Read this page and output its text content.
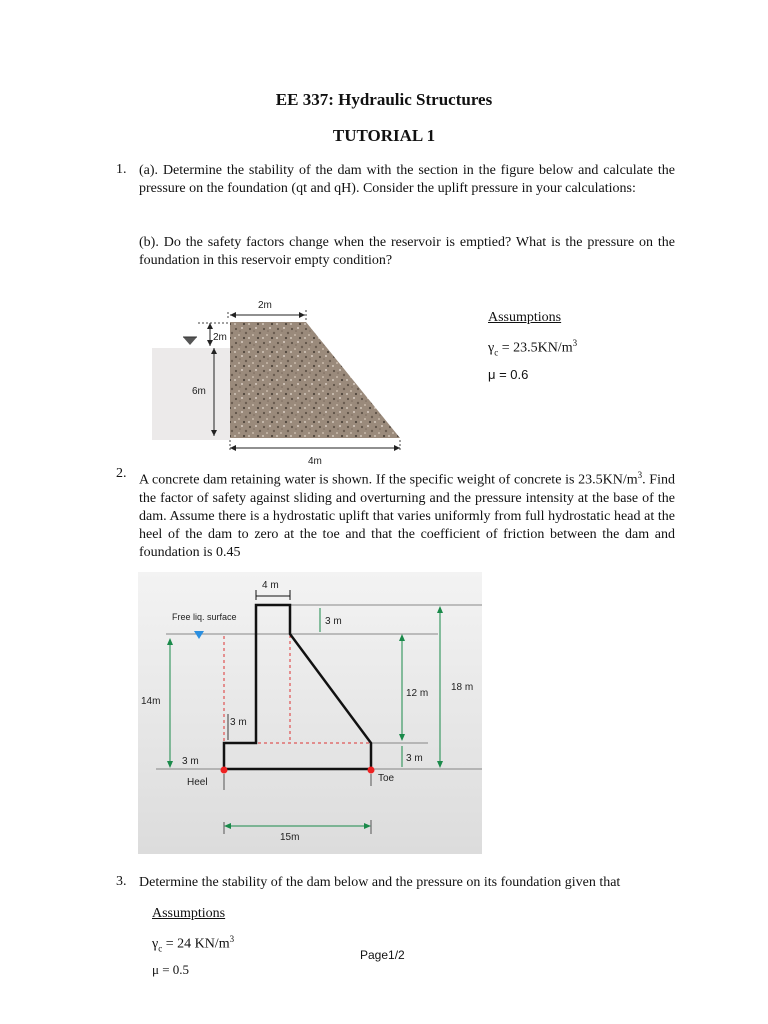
EE 337: Hydraulic Structures
TUTORIAL 1
1. (a). Determine the stability of the dam with the section in the figure below and calculate the pressure on the foundation (qt and qH). Consider the uplift pressure in your calculations:
(b). Do the safety factors change when the reservoir is emptied? What is the pressure on the foundation in this reservoir empty condition?
2m
2m
6m
4m
Assumptions
$\gamma_c = 23.5KN/m^3$
μ = 0.6
2. A concrete dam retaining water is shown. If the specific weight of concrete is $23.5KN/m^3$. Find the factor of safety against sliding and overturning and the pressure intensity at the base of the dam. Assume there is a hydrostatic uplift that varies uniformly from full hydrostatic head at the heel of the dam to zero at the toe and that the coefficient of friction between the dam and foundation is 0.45
Free liq. surface
4 m
3 m
14m
12 m
3 m
18 m
3 m
3 m
Heel	Toe
15m
3. Determine the stability of the dam below and the pressure on its foundation given that
Assumptions
$\gamma_c = 24$ $KN/m^3$
μ = 0.5
Page1/2
